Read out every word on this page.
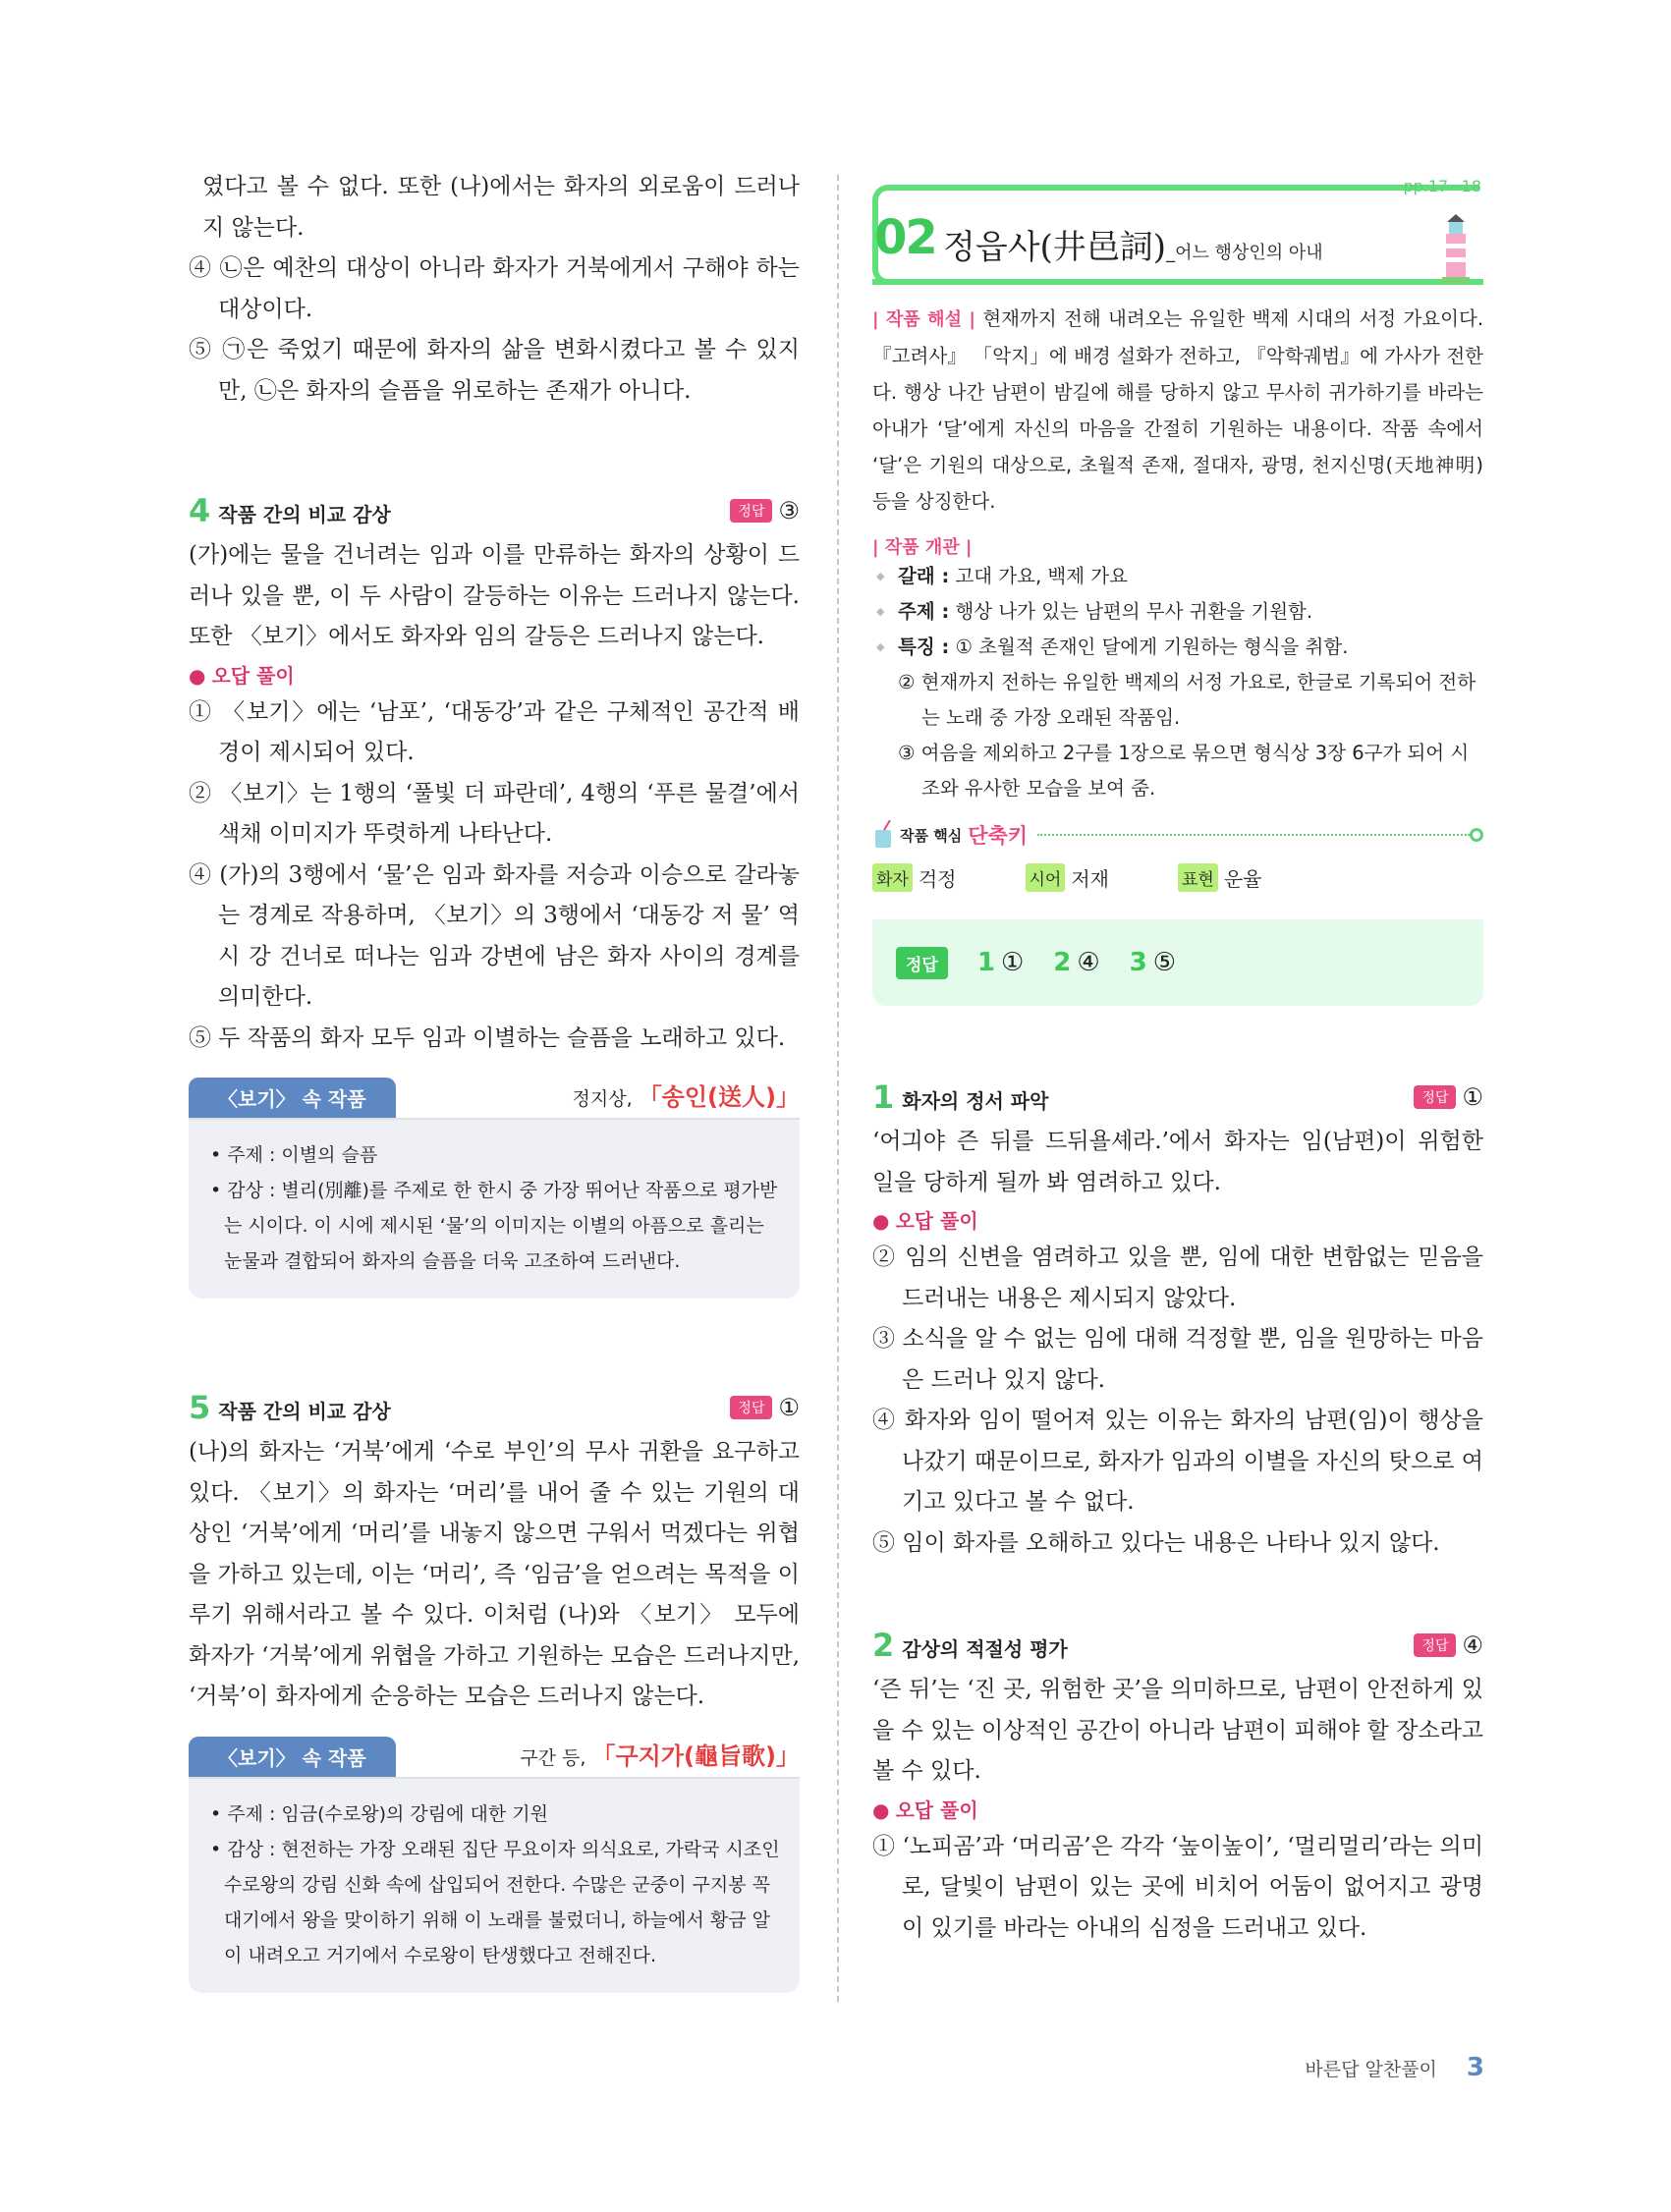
였다고 볼 수 없다. 또한 (나)에서는 화자의 외로움이 드러나지 않는다.

④ ㉡은 예찬의 대상이 아니라 화자가 거북에게서 구해야 하는 대상이다.

⑤ ㉠은 죽었기 때문에 화자의 삶을 변화시켰다고 볼 수 있지만, ㉡은 화자의 슬픔을 위로하는 존재가 아니다.

4 작품 간의 비교 감상	정답 ③

(가)에는 물을 건너려는 임과 이를 만류하는 화자의 상황이 드러나 있을 뿐, 이 두 사람이 갈등하는 이유는 드러나지 않는다. 또한 〈보기〉에서도 화자와 임의 갈등은 드러나지 않는다.

● 오답 풀이

① 〈보기〉에는 ‘남포’, ‘대동강’과 같은 구체적인 공간적 배경이 제시되어 있다.

② 〈보기〉는 1행의 ‘풀빛 더 파란데’, 4행의 ‘푸른 물결’에서 색채 이미지가 뚜렷하게 나타난다.

④ (가)의 3행에서 ‘물’은 임과 화자를 저승과 이승으로 갈라놓는 경계로 작용하며, 〈보기〉의 3행에서 ‘대동강 저 물’ 역시 강 건너로 떠나는 임과 강변에 남은 화자 사이의 경계를 의미한다.

⑤ 두 작품의 화자 모두 임과 이별하는 슬픔을 노래하고 있다.

〈보기〉 속 작품	정지상, 「송인(送人)」

• 주제 : 이별의 슬픔

• 감상 : 별리(別離)를 주제로 한 한시 중 가장 뛰어난 작품으로 평가받는 시이다. 이 시에 제시된 ‘물’의 이미지는 이별의 아픔으로 흘리는 눈물과 결합되어 화자의 슬픔을 더욱 고조하여 드러낸다.

5 작품 간의 비교 감상	정답 ①

(나)의 화자는 ‘거북’에게 ‘수로 부인’의 무사 귀환을 요구하고 있다. 〈보기〉의 화자는 ‘머리’를 내어 줄 수 있는 기원의 대상인 ‘거북’에게 ‘머리’를 내놓지 않으면 구워서 먹겠다는 위협을 가하고 있는데, 이는 ‘머리’, 즉 ‘임금’을 얻으려는 목적을 이루기 위해서라고 볼 수 있다. 이처럼 (나)와 〈보기〉 모두에 화자가 ‘거북’에게 위협을 가하고 기원하는 모습은 드러나지만, ‘거북’이 화자에게 순응하는 모습은 드러나지 않는다.

〈보기〉 속 작품	구간 등, 「구지가(龜旨歌)」

• 주제 : 임금(수로왕)의 강림에 대한 기원

• 감상 : 현전하는 가장 오래된 집단 무요이자 의식요로, 가락국 시조인 수로왕의 강림 신화 속에 삽입되어 전한다. 수많은 군중이 구지봉 꼭대기에서 왕을 맞이하기 위해 이 노래를 불렀더니, 하늘에서 황금 알이 내려오고 거기에서 수로왕이 탄생했다고 전해진다.

pp.17~18
02 정읍사(井邑詞)_어느 행상인의 아내

| 작품 해설 | 현재까지 전해 내려오는 유일한 백제 시대의 서정 가요이다. 『고려사』 「악지」에 배경 설화가 전하고, 『악학궤범』에 가사가 전한다. 행상 나간 남편이 밤길에 해를 당하지 않고 무사히 귀가하기를 바라는 아내가 ‘달’에게 자신의 마음을 간절히 기원하는 내용이다. 작품 속에서 ‘달’은 기원의 대상으로, 초월적 존재, 절대자, 광명, 천지신명(天地神明) 등을 상징한다.

| 작품 개관 |
◆ 갈래 : 고대 가요, 백제 가요
◆ 주제 : 행상 나가 있는 남편의 무사 귀환을 기원함.
◆ 특징 : ① 초월적 존재인 달에게 기원하는 형식을 취함.
② 현재까지 전하는 유일한 백제의 서정 가요로, 한글로 기록되어 전하는 노래 중 가장 오래된 작품임.
③ 여음을 제외하고 2구를 1장으로 묶으면 형식상 3장 6구가 되어 시조와 유사한 모습을 보여 줌.
작품 핵심 단축키
화자 걱정	시어 저재	표현 운율
정답	1 ① 2 ④ 3 ⑤
1 화자의 정서 파악	정답 ①

‘어긔야 즌 뒤를 드뒤욜셰라.’에서 화자는 임(남편)이 위험한 일을 당하게 될까 봐 염려하고 있다.

● 오답 풀이

② 임의 신변을 염려하고 있을 뿐, 임에 대한 변함없는 믿음을 드러내는 내용은 제시되지 않았다.

③ 소식을 알 수 없는 임에 대해 걱정할 뿐, 임을 원망하는 마음은 드러나 있지 않다.

④ 화자와 임이 떨어져 있는 이유는 화자의 남편(임)이 행상을 나갔기 때문이므로, 화자가 임과의 이별을 자신의 탓으로 여기고 있다고 볼 수 없다.

⑤ 임이 화자를 오해하고 있다는 내용은 나타나 있지 않다.

2 감상의 적절성 평가	정답 ④

‘즌 뒤’는 ‘진 곳, 위험한 곳’을 의미하므로, 남편이 안전하게 있을 수 있는 이상적인 공간이 아니라 남편이 피해야 할 장소라고 볼 수 있다.

● 오답 풀이

① ‘노피곰’과 ‘머리곰’은 각각 ‘높이높이’, ‘멀리멀리’라는 의미로, 달빛이 남편이 있는 곳에 비치어 어둠이 없어지고 광명이 있기를 바라는 아내의 심정을 드러내고 있다.

바른답 알찬풀이 3
